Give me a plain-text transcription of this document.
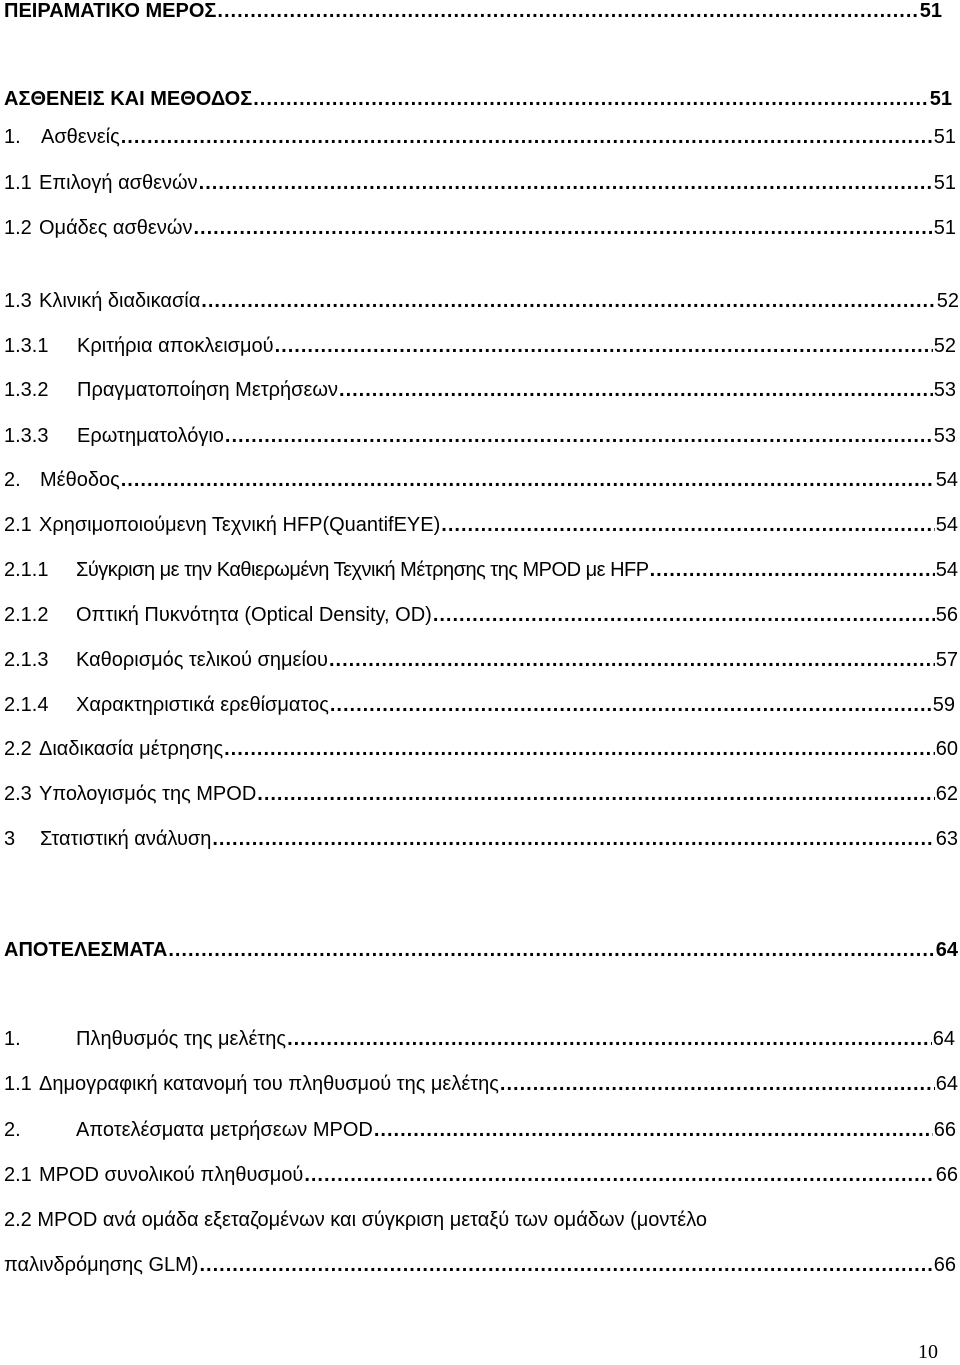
ΠΕΙΡΑΜΑΤΙΚΟ ΜΕΡΟΣ .....	51
ΑΣΘΕΝΕΙΣ ΚΑΙ ΜΕΘΟΔΟΣ .....	51
1.	Ασθενείς .....	51
1.1 Επιλογή ασθενών .....	51
1.2 Ομάδες ασθενών .....	51
1.3 Κλινική διαδικασία .....	52
1.3.1	Κριτήρια αποκλεισμού .....	52
1.3.2	Πραγματοποίηση Μετρήσεων .....	53
1.3.3	Ερωτηματολόγιο .....	53
2. Μέθοδος .....	54
2.1 Χρησιμοποιούμενη Τεχνική HFP(QuantifEYE) .....	54
2.1.1	Σύγκριση με την Καθιερωμένη Τεχνική Μέτρησης της MPOD με HFP .....	54
2.1.2	Οπτική Πυκνότητα (Optical Density, OD) .....	56
2.1.3	Καθορισμός τελικού σημείου .....	57
2.1.4	Χαρακτηριστικά ερεθίσματος .....	59
2.2 Διαδικασία μέτρησης .....	60
2.3 Υπολογισμός της MPOD .....	62
3	Στατιστική ανάλυση .....	63
ΑΠΟΤΕΛΕΣΜΑΤΑ .....	64
1.	Πληθυσμός της μελέτης .....	64
1.1 Δημογραφική κατανομή του πληθυσμού της μελέτης .....	64
2.	Αποτελέσματα μετρήσεων MPOD .....	66
2.1 MPOD συνολικού πληθυσμού .....	66
2.2 MPOD ανά ομάδα εξεταζομένων και σύγκριση μεταξύ των ομάδων (μοντέλο
παλινδρόμησης GLM) .....	66
10
